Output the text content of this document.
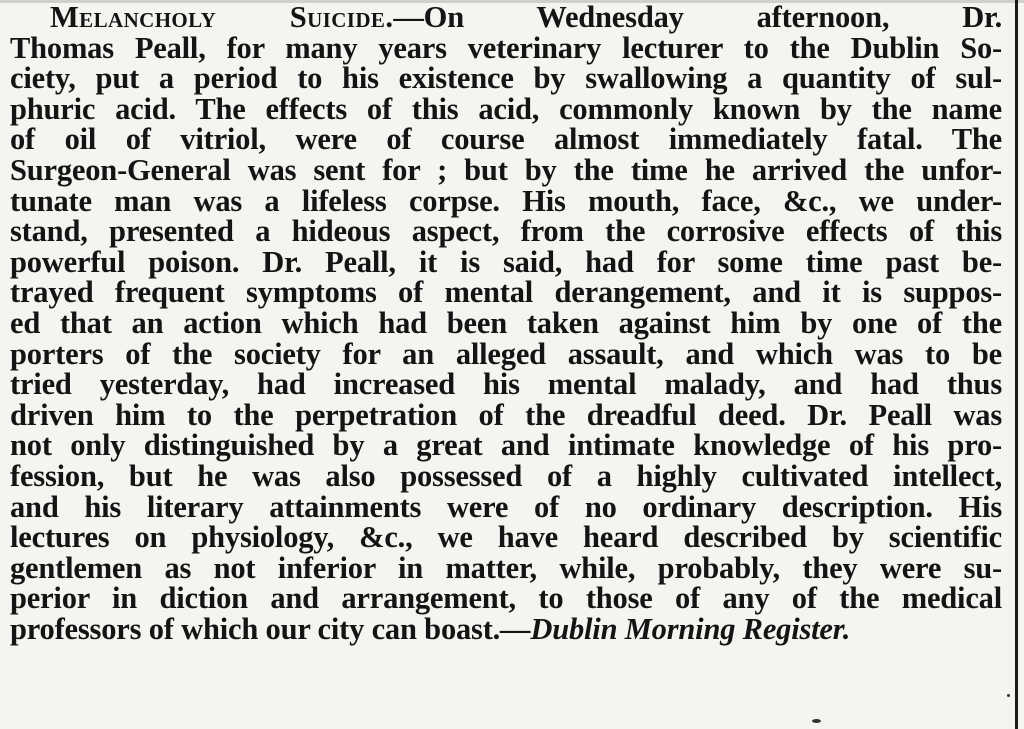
Melancholy Suicide.—On Wednesday afternoon, Dr.
Thomas Peall, for many years veterinary lecturer to the Dublin So-
ciety, put a period to his existence by swallowing a quantity of sul-
phuric acid. The effects of this acid, commonly known by the name
of oil of vitriol, were of course almost immediately fatal. The
Surgeon-General was sent for ; but by the time he arrived the unfor-
tunate man was a lifeless corpse. His mouth, face, &c., we under-
stand, presented a hideous aspect, from the corrosive effects of this
powerful poison. Dr. Peall, it is said, had for some time past be-
trayed frequent symptoms of mental derangement, and it is suppos-
ed that an action which had been taken against him by one of the
porters of the society for an alleged assault, and which was to be
tried yesterday, had increased his mental malady, and had thus
driven him to the perpetration of the dreadful deed. Dr. Peall was
not only distinguished by a great and intimate knowledge of his pro-
fession, but he was also possessed of a highly cultivated intellect,
and his literary attainments were of no ordinary description. His
lectures on physiology, &c., we have heard described by scientific
gentlemen as not inferior in matter, while, probably, they were su-
perior in diction and arrangement, to those of any of the medical
professors of which our city can boast.—Dublin Morning Register.
